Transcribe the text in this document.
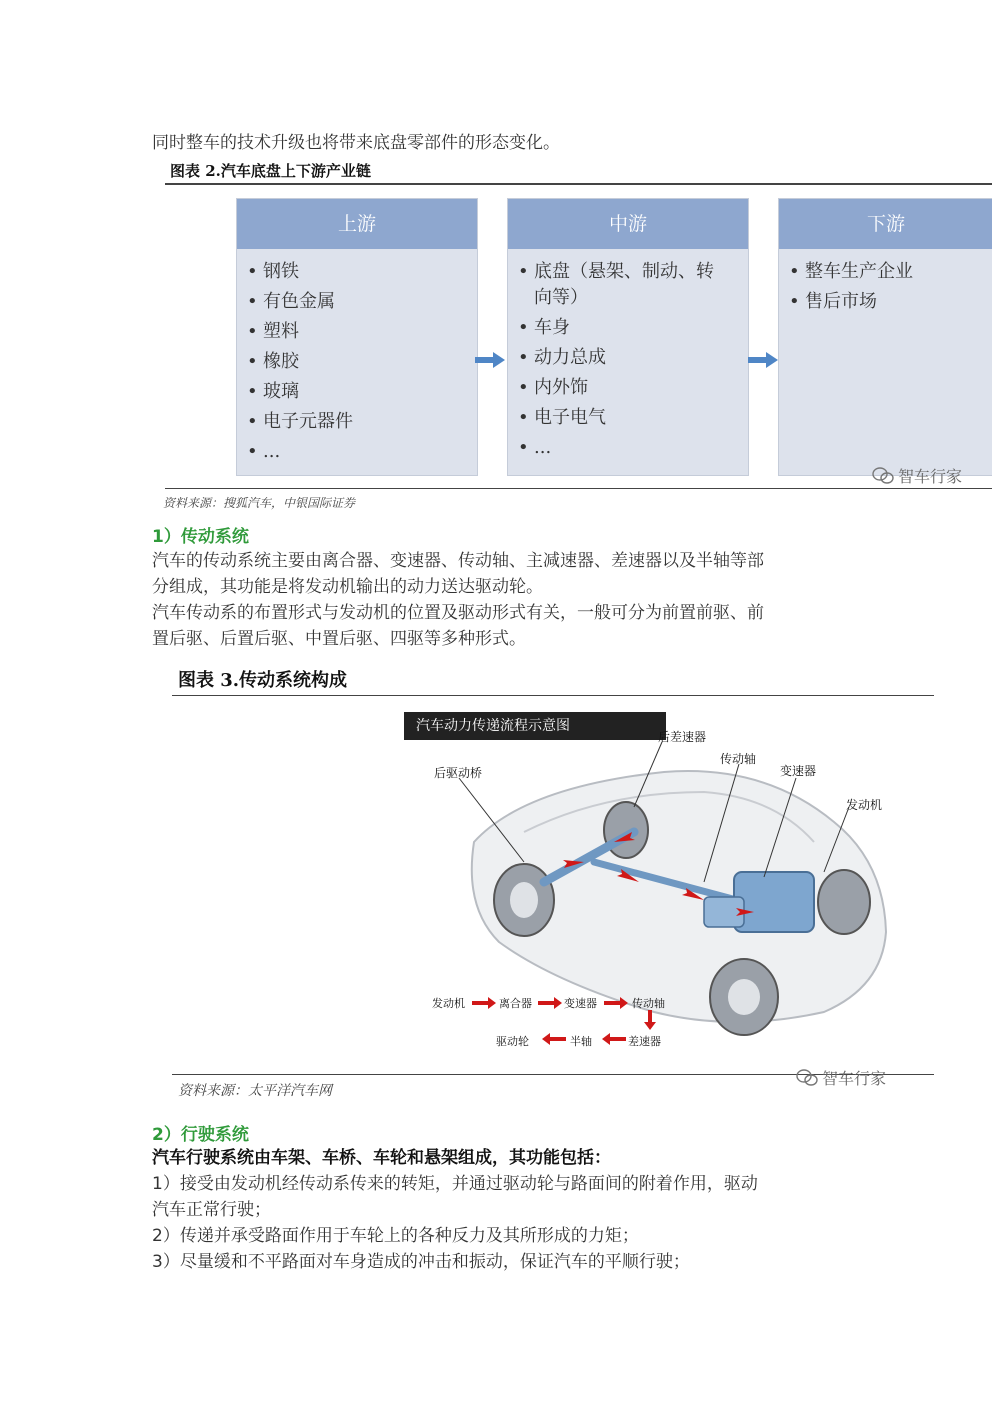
同时整车的技术升级也将带来底盘零部件的形态变化。
图表 2.汽车底盘上下游产业链
上游
• 钢铁
• 有色金属
• 塑料
• 橡胶
• 玻璃
• 电子元器件
• ...
中游
• 底盘（悬架、制动、转向等）
• 车身
• 动力总成
• 内外饰
• 电子电气
• ...
下游
• 整车生产企业
• 售后市场
智车行家
资料来源：搜狐汽车，中银国际证券
1）传动系统
汽车的传动系统主要由离合器、变速器、传动轴、主减速器、差速器以及半轴等部
分组成，其功能是将发动机输出的动力送达驱动轮。
汽车传动系的布置形式与发动机的位置及驱动形式有关，一般可分为前置前驱、前
置后驱、后置后驱、中置后驱、四驱等多种形式。
图表 3.传动系统构成
汽车动力传递流程示意图
后差速器
传动轴
后驱动桥	变速器
发动机
发动机	离合器	变速器	传动轴
驱动轮	半轴	差速器
资料来源：太平洋汽车网
智车行家
2）行驶系统
汽车行驶系统由车架、车桥、车轮和悬架组成，其功能包括：
1）接受由发动机经传动系传来的转矩，并通过驱动轮与路面间的附着作用，驱动
汽车正常行驶；
2）传递并承受路面作用于车轮上的各种反力及其所形成的力矩；
3）尽量缓和不平路面对车身造成的冲击和振动，保证汽车的平顺行驶；
